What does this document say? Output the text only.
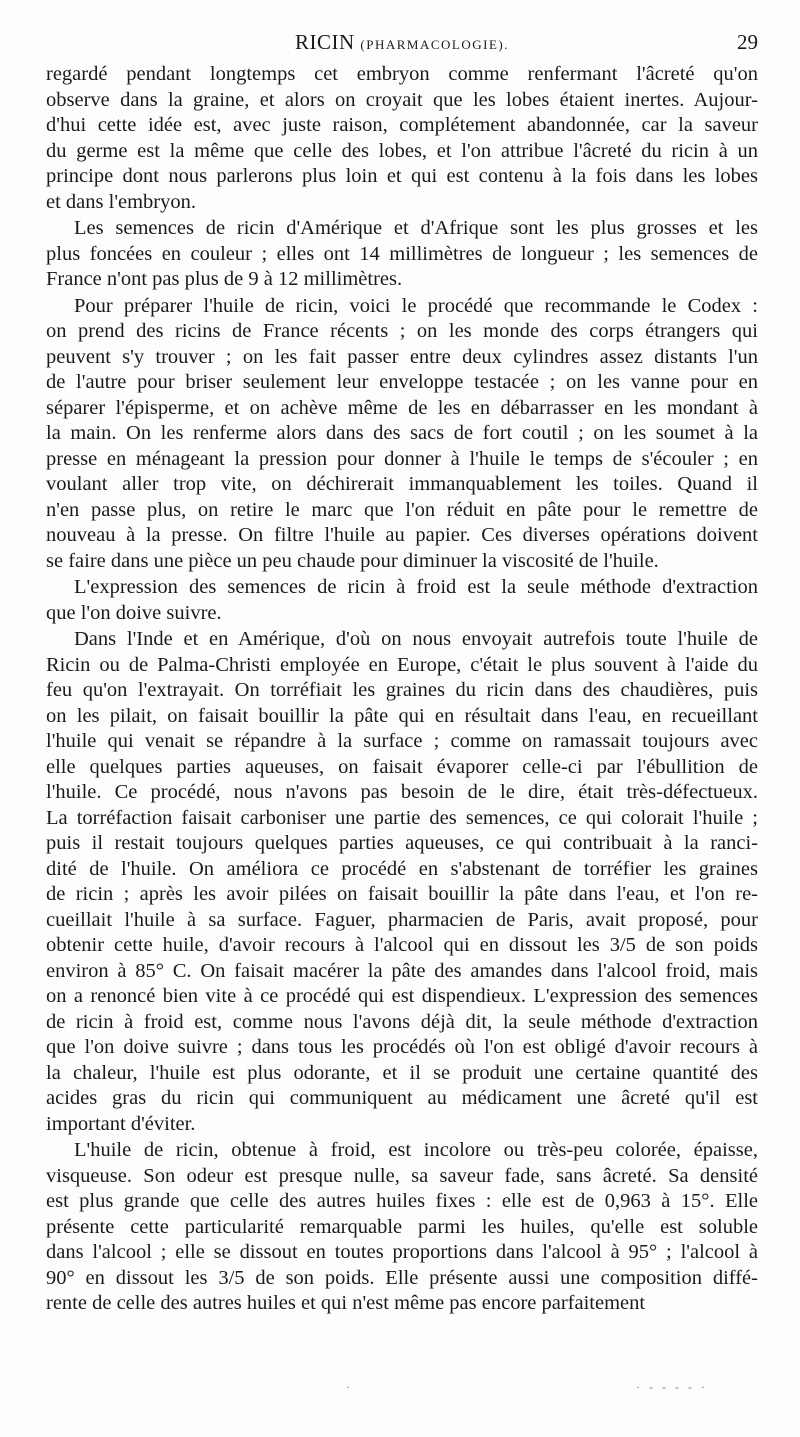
RICIN (PHARMACOLOGIE).	29
regardé pendant longtemps cet embryon comme renfermant l'âcreté qu'on
observe dans la graine, et alors on croyait que les lobes étaient inertes. Aujour-
d'hui cette idée est, avec juste raison, complétement abandonnée, car la saveur
du germe est la même que celle des lobes, et l'on attribue l'âcreté du ricin à un
principe dont nous parlerons plus loin et qui est contenu à la fois dans les lobes
et dans l'embryon.
Les semences de ricin d'Amérique et d'Afrique sont les plus grosses et les
plus foncées en couleur ; elles ont 14 millimètres de longueur ; les semences de
France n'ont pas plus de 9 à 12 millimètres.
Pour préparer l'huile de ricin, voici le procédé que recommande le Codex :
on prend des ricins de France récents ; on les monde des corps étrangers qui
peuvent s'y trouver ; on les fait passer entre deux cylindres assez distants l'un
de l'autre pour briser seulement leur enveloppe testacée ; on les vanne pour en
séparer l'épisperme, et on achève même de les en débarrasser en les mondant à
la main. On les renferme alors dans des sacs de fort coutil ; on les soumet à la
presse en ménageant la pression pour donner à l'huile le temps de s'écouler ; en
voulant aller trop vite, on déchirerait immanquablement les toiles. Quand il
n'en passe plus, on retire le marc que l'on réduit en pâte pour le remettre de
nouveau à la presse. On filtre l'huile au papier. Ces diverses opérations doivent
se faire dans une pièce un peu chaude pour diminuer la viscosité de l'huile.
L'expression des semences de ricin à froid est la seule méthode d'extraction
que l'on doive suivre.
Dans l'Inde et en Amérique, d'où on nous envoyait autrefois toute l'huile de
Ricin ou de Palma-Christi employée en Europe, c'était le plus souvent à l'aide du
feu qu'on l'extrayait. On torréfiait les graines du ricin dans des chaudières, puis
on les pilait, on faisait bouillir la pâte qui en résultait dans l'eau, en recueillant
l'huile qui venait se répandre à la surface ; comme on ramassait toujours avec
elle quelques parties aqueuses, on faisait évaporer celle-ci par l'ébullition de
l'huile. Ce procédé, nous n'avons pas besoin de le dire, était très-défectueux.
La torréfaction faisait carboniser une partie des semences, ce qui colorait l'huile ;
puis il restait toujours quelques parties aqueuses, ce qui contribuait à la ranci-
dité de l'huile. On améliora ce procédé en s'abstenant de torréfier les graines
de ricin ; après les avoir pilées on faisait bouillir la pâte dans l'eau, et l'on re-
cueillait l'huile à sa surface. Faguer, pharmacien de Paris, avait proposé, pour
obtenir cette huile, d'avoir recours à l'alcool qui en dissout les 3/5 de son poids
environ à 85° C. On faisait macérer la pâte des amandes dans l'alcool froid, mais
on a renoncé bien vite à ce procédé qui est dispendieux. L'expression des semences
de ricin à froid est, comme nous l'avons déjà dit, la seule méthode d'extraction
que l'on doive suivre ; dans tous les procédés où l'on est obligé d'avoir recours à
la chaleur, l'huile est plus odorante, et il se produit une certaine quantité des
acides gras du ricin qui communiquent au médicament une âcreté qu'il est
important d'éviter.
L'huile de ricin, obtenue à froid, est incolore ou très-peu colorée, épaisse,
visqueuse. Son odeur est presque nulle, sa saveur fade, sans âcreté. Sa densité
est plus grande que celle des autres huiles fixes : elle est de 0,963 à 15°. Elle
présente cette particularité remarquable parmi les huiles, qu'elle est soluble
dans l'alcool ; elle se dissout en toutes proportions dans l'alcool à 95° ; l'alcool à
90° en dissout les 3/5 de son poids. Elle présente aussi une composition diffé-
rente de celle des autres huiles et qui n'est même pas encore parfaitement
·	· - - - - ·
